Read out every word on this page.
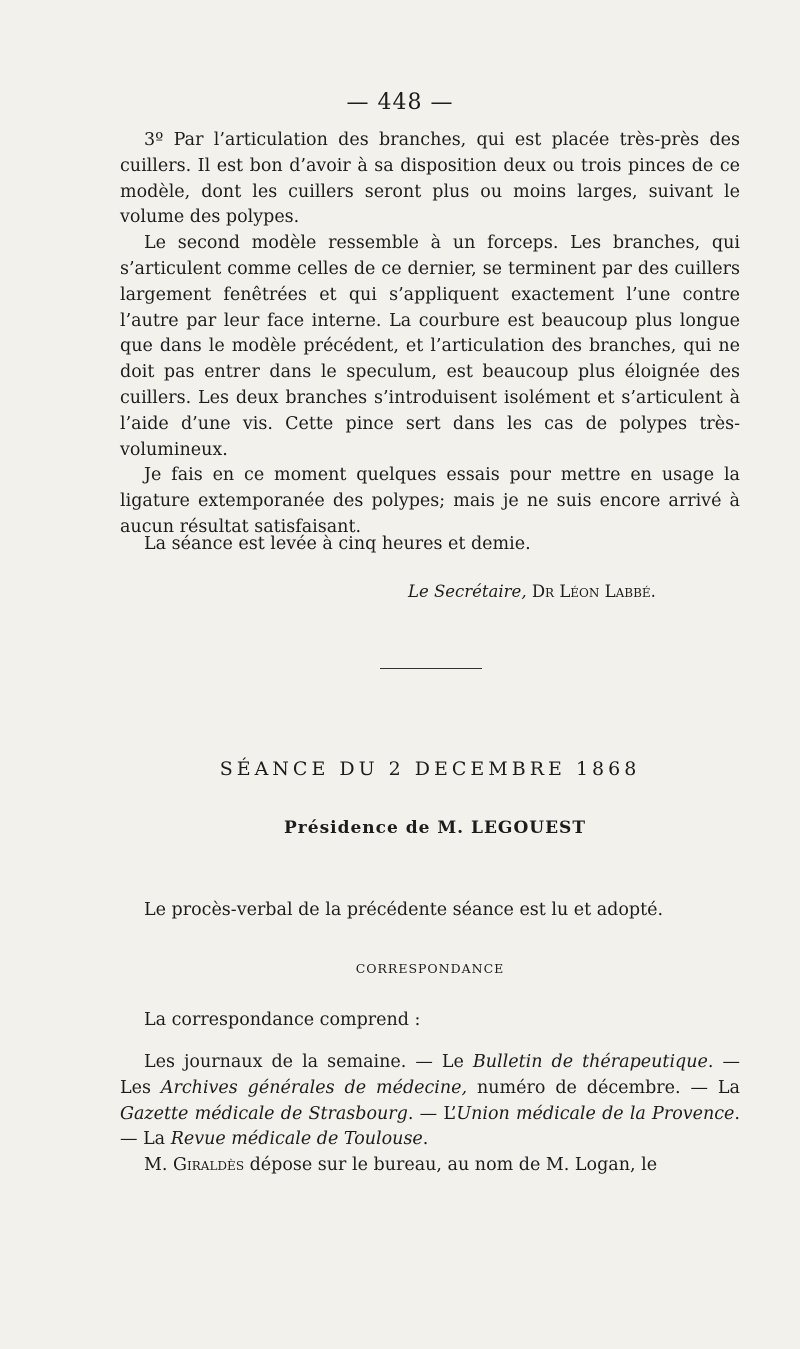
— 448 —

3º Par l’articulation des branches, qui est placée très-près des cuillers. Il est bon d’avoir à sa disposition deux ou trois pinces de ce modèle, dont les cuillers seront plus ou moins larges, suivant le volume des polypes.

Le second modèle ressemble à un forceps. Les branches, qui s’articulent comme celles de ce dernier, se terminent par des cuillers largement fenêtrées et qui s’appliquent exactement l’une contre l’autre par leur face interne. La courbure est beaucoup plus longue que dans le modèle précédent, et l’articulation des branches, qui ne doit pas entrer dans le speculum, est beaucoup plus éloignée des cuillers. Les deux branches s’introduisent isolément et s’articulent à l’aide d’une vis. Cette pince sert dans les cas de polypes très-volumineux.

Je fais en ce moment quelques essais pour mettre en usage la ligature extemporanée des polypes; mais je ne suis encore arrivé à aucun résultat satisfaisant.

La séance est levée à cinq heures et demie.
Le Secrétaire, Dr Léon Labbé.
SÉANCE DU 2 DECEMBRE 1868
Présidence de M. LEGOUEST
Le procès-verbal de la précédente séance est lu et adopté.
CORRESPONDANCE
La correspondance comprend :

Les journaux de la semaine. — Le Bulletin de thérapeutique. — Les Archives générales de médecine, numéro de décembre. — La Gazette médicale de Strasbourg. — L’Union médicale de la Provence. — La Revue médicale de Toulouse.

M. Giraldès dépose sur le bureau, au nom de M. Logan, le
